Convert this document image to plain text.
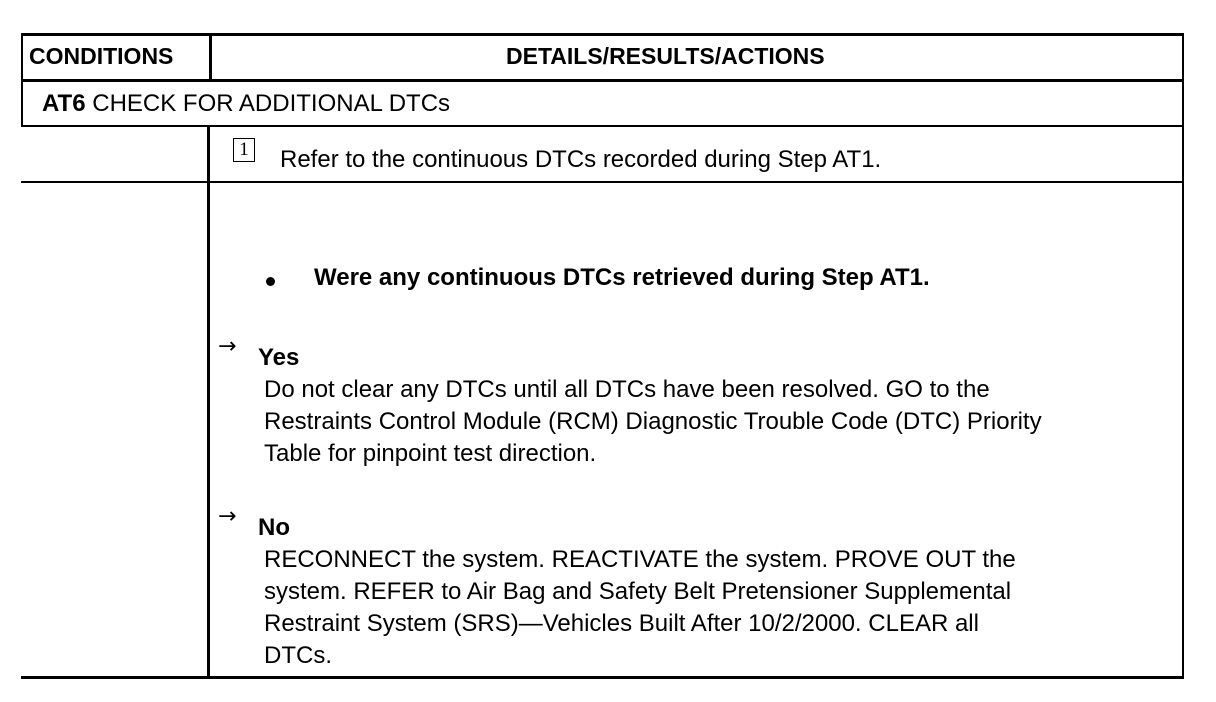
CONDITIONS	DETAILS/RESULTS/ACTIONS
AT6 CHECK FOR ADDITIONAL DTCs
1 Refer to the continuous DTCs recorded during Step AT1.
Were any continuous DTCs retrieved during Step AT1.
→ Yes
Do not clear any DTCs until all DTCs have been resolved. GO to the
Restraints Control Module (RCM) Diagnostic Trouble Code (DTC) Priority
Table for pinpoint test direction.
→ No
RECONNECT the system. REACTIVATE the system. PROVE OUT the
system. REFER to Air Bag and Safety Belt Pretensioner Supplemental
Restraint System (SRS)—Vehicles Built After 10/2/2000. CLEAR all
DTCs.
